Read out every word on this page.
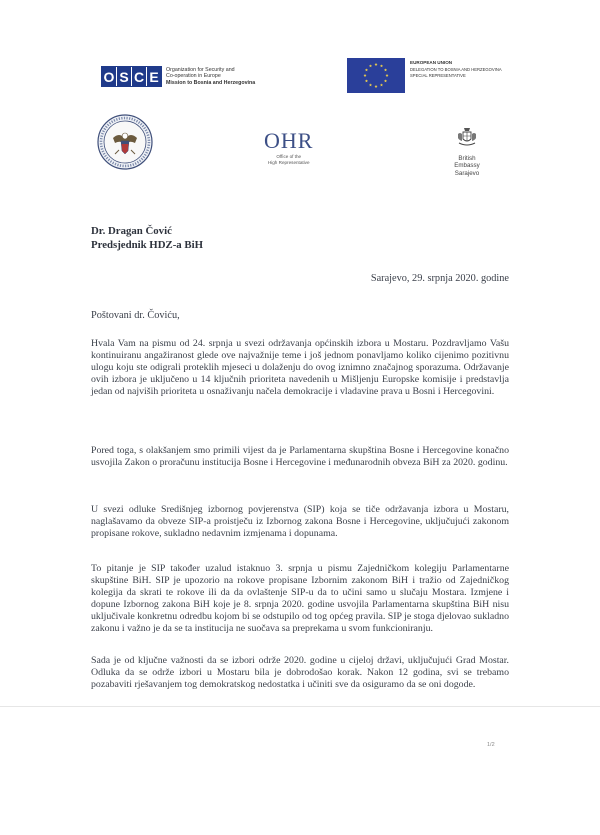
O S C E	Organization for Security and
Co-operation in Europe
Mission to Bosnia and Herzegovina
EUROPEAN UNION
DELEGATION TO BOSNIA AND HERZEGOVINA
SPECIAL REPRESENTATIVE
OHR
Office of the
High Representative
British Embassy
Sarajevo
Dr. Dragan Čović
Predsjednik HDZ-a BiH
Sarajevo, 29. srpnja 2020. godine
Poštovani dr. Čoviću,

Hvala Vam na pismu od 24. srpnja u svezi održavanja općinskih izbora u Mostaru. Pozdravljamo Vašu kontinuiranu angažiranost glede ove najvažnije teme i još jednom ponavljamo koliko cijenimo pozitivnu ulogu koju ste odigrali proteklih mjeseci u dolaženju do ovog iznimno značajnog sporazuma. Održavanje ovih izbora je uključeno u 14 ključnih prioriteta navedenih u Mišljenju Europske komisije i predstavlja jedan od najviših prioriteta u osnaživanju načela demokracije i vladavine prava u Bosni i Hercegovini.

Pored toga, s olakšanjem smo primili vijest da je Parlamentarna skupština Bosne i Hercegovine konačno usvojila Zakon o proračunu institucija Bosne i Hercegovine i međunarodnih obveza BiH za 2020. godinu.

U svezi odluke Središnjeg izbornog povjerenstva (SIP) koja se tiče održavanja izbora u Mostaru, naglašavamo da obveze SIP-a proistječu iz Izbornog zakona Bosne i Hercegovine, uključujući zakonom propisane rokove, sukladno nedavnim izmjenama i dopunama.

To pitanje je SIP također uzalud istaknuo 3. srpnja u pismu Zajedničkom kolegiju Parlamentarne skupštine BiH. SIP je upozorio na rokove propisane Izbornim zakonom BiH i tražio od Zajedničkog kolegija da skrati te rokove ili da da ovlaštenje SIP-u da to učini samo u slučaju Mostara. Izmjene i dopune Izbornog zakona BiH koje je 8. srpnja 2020. godine usvojila Parlamentarna skupština BiH nisu uključivale konkretnu odredbu kojom bi se odstupilo od tog općeg pravila. SIP je stoga djelovao sukladno zakonu i važno je da se ta institucija ne suočava sa preprekama u svom funkcioniranju.

Sada je od ključne važnosti da se izbori održe 2020. godine u cijeloj državi, uključujući Grad Mostar. Odluka da se održe izbori u Mostaru bila je dobrodošao korak. Nakon 12 godina, svi se trebamo pozabaviti rješavanjem tog demokratskog nedostatka i učiniti sve da osiguramo da se oni dogode.

1/2
